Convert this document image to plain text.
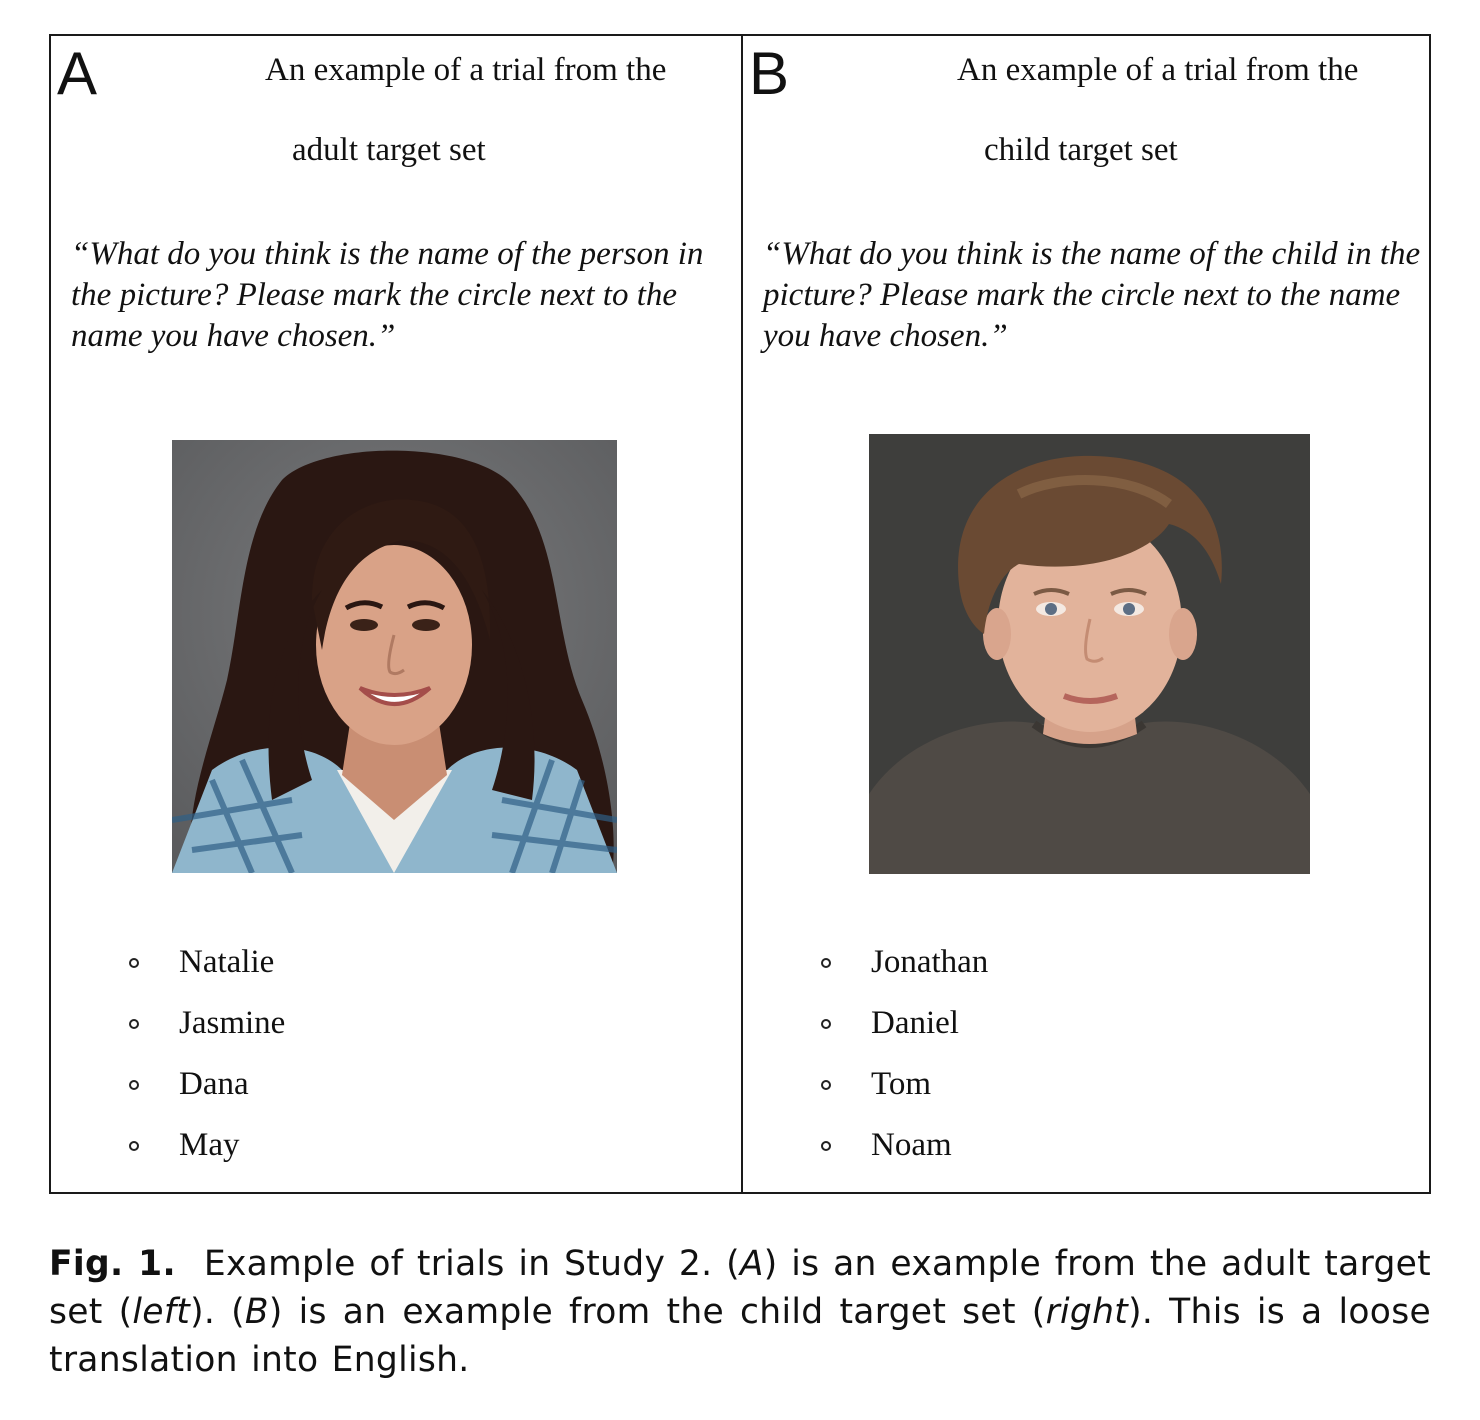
A	An example of a trial from the
adult target set

“What do you think is the name of the person in the picture? Please mark the circle next to the name you have chosen.”

Natalie
Jasmine
Dana
May
B	An example of a trial from the
child target set

“What do you think is the name of the child in the picture? Please mark the circle next to the name you have chosen.”

Jonathan
Daniel
Tom
Noam

Fig. 1. Example of trials in Study 2. (A) is an example from the adult target set (left). (B) is an example from the child target set (right). This is a loose translation into English.
